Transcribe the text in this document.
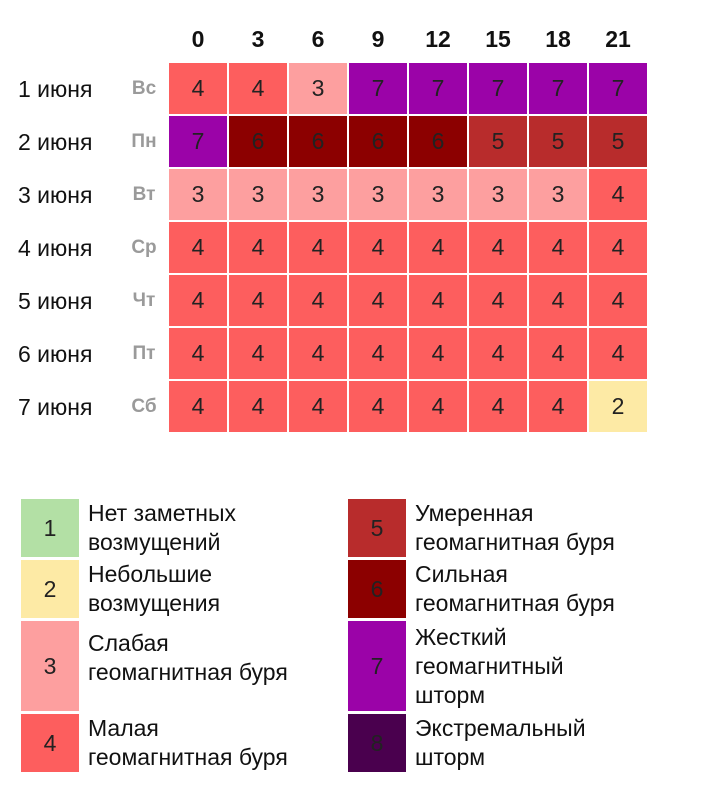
0	3	6	9	12	15	18	21
1 июня Вс	4	4	3	7	7	7	7	7
2 июня Пн	7	6	6	6	6	5	5	5
3 июня Вт	3	3	3	3	3	3	3	4
4 июня Ср	4	4	4	4	4	4	4	4
5 июня Чт	4	4	4	4	4	4	4	4
6 июня Пт	4	4	4	4	4	4	4	4
7 июня Сб	4	4	4	4	4	4	4	2
1
Нет заметных
возмущений
2
Небольшие
возмущения
3
Слабая
геомагнитная буря
4
Малая
геомагнитная буря
5
Умеренная
геомагнитная буря
6
Сильная
геомагнитная буря
7
Жесткий
геомагнитный
шторм
8
Экстремальный
шторм
